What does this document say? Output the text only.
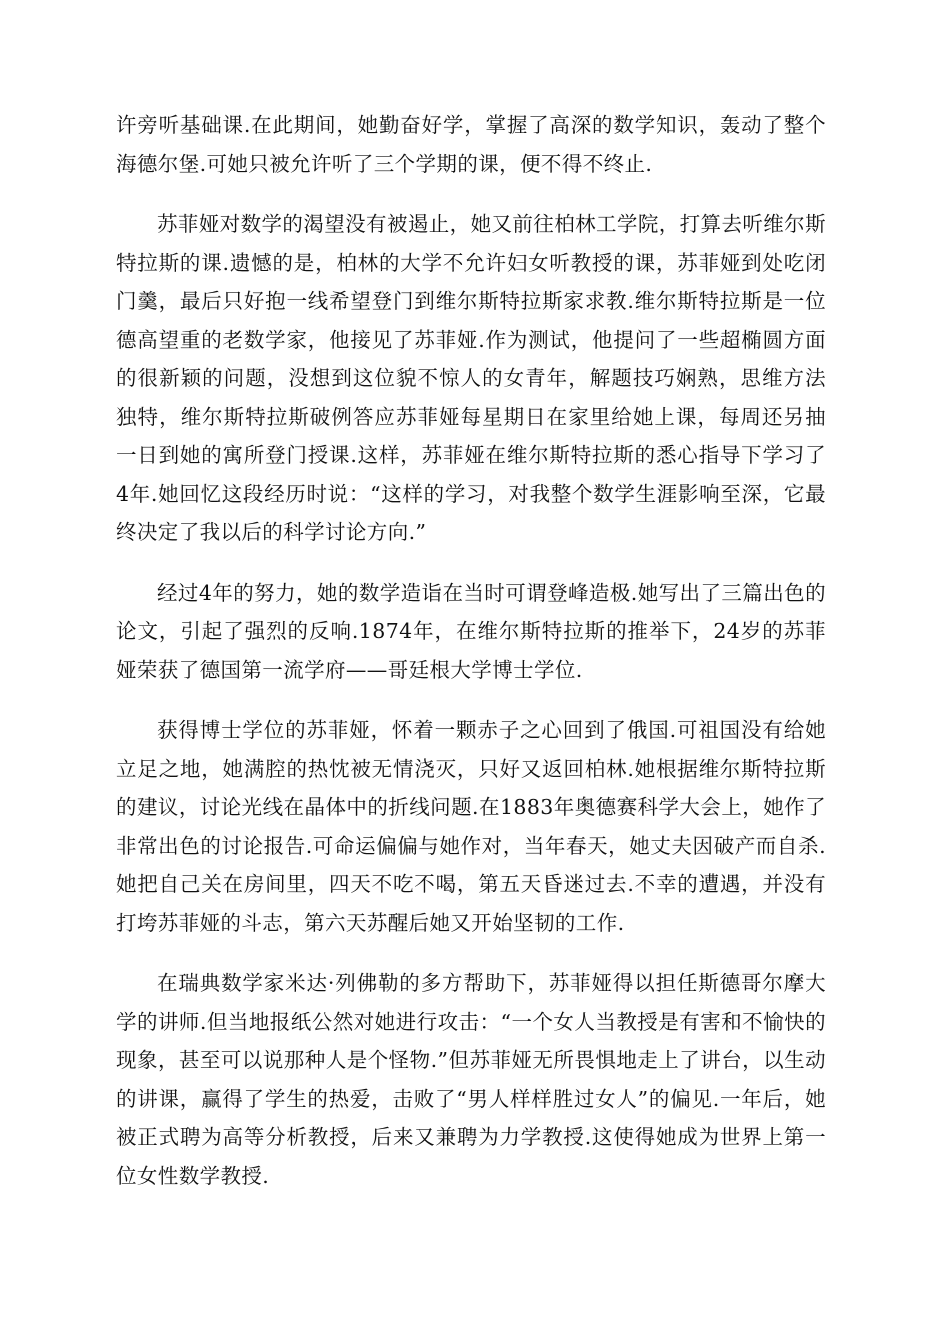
许旁听基础课.在此期间，她勤奋好学，掌握了高深的数学知识，轰动了整个海德尔堡.可她只被允许听了三个学期的课，便不得不终止.

苏菲娅对数学的渴望没有被遏止，她又前往柏林工学院，打算去听维尔斯特拉斯的课.遗憾的是，柏林的大学不允许妇女听教授的课，苏菲娅到处吃闭门羹，最后只好抱一线希望登门到维尔斯特拉斯家求教.维尔斯特拉斯是一位德高望重的老数学家，他接见了苏菲娅.作为测试，他提问了一些超椭圆方面的很新颖的问题，没想到这位貌不惊人的女青年，解题技巧娴熟，思维方法独特，维尔斯特拉斯破例答应苏菲娅每星期日在家里给她上课，每周还另抽一日到她的寓所登门授课.这样，苏菲娅在维尔斯特拉斯的悉心指导下学习了4年.她回忆这段经历时说：“这样的学习，对我整个数学生涯影响至深，它最终决定了我以后的科学讨论方向.”

经过4年的努力，她的数学造诣在当时可谓登峰造极.她写出了三篇出色的论文，引起了强烈的反响.1874年，在维尔斯特拉斯的推举下，24岁的苏菲娅荣获了德国第一流学府——哥廷根大学博士学位.

获得博士学位的苏菲娅，怀着一颗赤子之心回到了俄国.可祖国没有给她立足之地，她满腔的热忱被无情浇灭，只好又返回柏林.她根据维尔斯特拉斯的建议，讨论光线在晶体中的折线问题.在1883年奥德赛科学大会上，她作了非常出色的讨论报告.可命运偏偏与她作对，当年春天，她丈夫因破产而自杀.她把自己关在房间里，四天不吃不喝，第五天昏迷过去.不幸的遭遇，并没有打垮苏菲娅的斗志，第六天苏醒后她又开始坚韧的工作.

在瑞典数学家米达·列佛勒的多方帮助下，苏菲娅得以担任斯德哥尔摩大学的讲师.但当地报纸公然对她进行攻击：“一个女人当教授是有害和不愉快的现象，甚至可以说那种人是个怪物.”但苏菲娅无所畏惧地走上了讲台，以生动的讲课，赢得了学生的热爱，击败了“男人样样胜过女人”的偏见.一年后，她被正式聘为高等分析教授，后来又兼聘为力学教授.这使得她成为世界上第一位女性数学教授.
